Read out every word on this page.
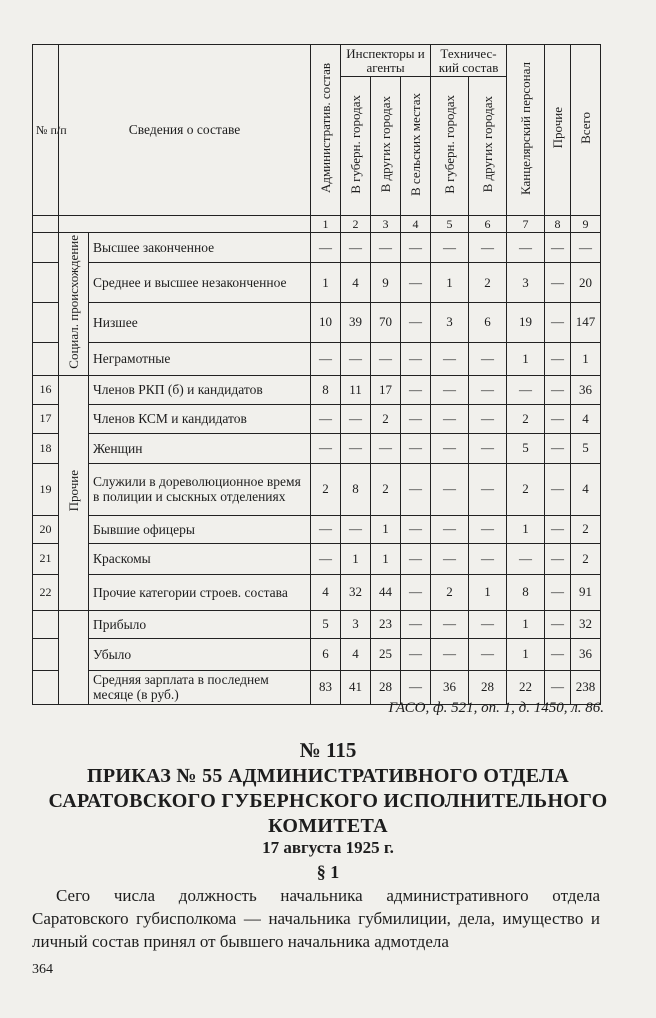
№ п/п	Сведения о составе		Административ. состав	Инспекторы и агенты			Технический состав		Канцелярский персонал	Прочие	Всего
				В губерн. городах	В других городах	В сельских местах	В губерн. городах	В других городах			
			1	2	3	4	5	6	7	8	9
	Социал. происхождение	Высшее законченное	—	—	—	—	—	—	—	—	—
		Среднее и высшее незаконченное	1	4	9	—	1	2	3	—	20
		Низшее	10	39	70	—	3	6	19	—	147
		Неграмотные	—	—	—	—	—	—	1	—	1
16	Прочие	Членов РКП (б) и кандидатов	8	11	17	—	—	—	—	—	36
17		Членов КСМ и кандидатов	—	—	2	—	—	—	2	—	4
18		Женщин	—	—	—	—	—	—	5	—	5
19		Служили в дореволюционное время в полиции и сыскных отделениях	2	8	2	—	—	—	2	—	4
20		Бывшие офицеры	—	—	1	—	—	—	1	—	2
21		Краскомы	—	1	1	—	—	—	—	—	2
22		Прочие категории строев. состава	4	32	44	—	2	1	8	—	91
		Прибыло	5	3	23	—	—	—	1	—	32
		Убыло	6	4	25	—	—	—	1	—	36
		Средняя зарплата в последнем месяце (в руб.)	83	41	28	—	36	28	22	—	238
ГАСО, ф. 521, оп. 1, д. 1450, л. 86.
№ 115
ПРИКАЗ № 55 АДМИНИСТРАТИВНОГО ОТДЕЛА САРАТОВСКОГО ГУБЕРНСКОГО ИСПОЛНИТЕЛЬНОГО КОМИТЕТА
17 августа 1925 г.
§ 1
Сего числа должность начальника административного отдела Саратовского губисполкома — начальника губмилиции, дела, имущество и личный состав принял от бывшего начальника адмотдела
364
